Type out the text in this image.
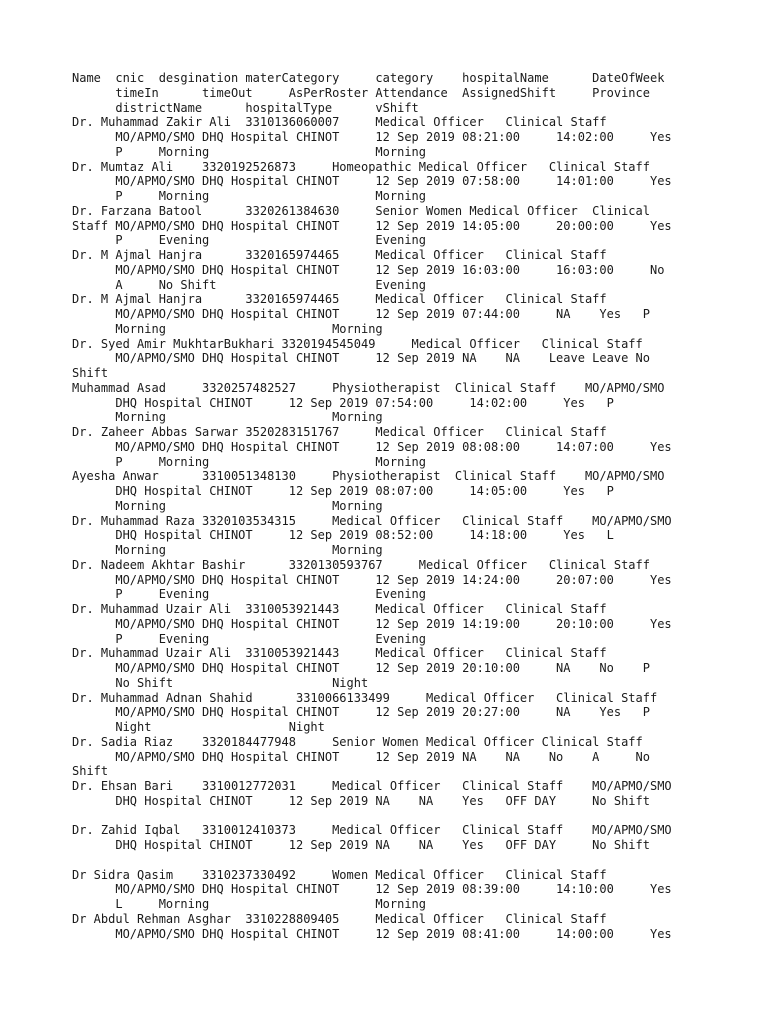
Name  cnic  desgination materCategory     category    hospitalName      DateOfWeek
timeIn      timeOut     AsPerRoster Attendance  AssignedShift     Province
districtName      hospitalType      vShift
Dr. Muhammad Zakir Ali  3310136060007     Medical Officer   Clinical Staff
MO/APMO/SMO DHQ Hospital CHINOT     12 Sep 2019 08:21:00     14:02:00     Yes
P     Morning                       Morning
Dr. Mumtaz Ali    3320192526873     Homeopathic Medical Officer   Clinical Staff
MO/APMO/SMO DHQ Hospital CHINOT     12 Sep 2019 07:58:00     14:01:00     Yes
P     Morning                       Morning
Dr. Farzana Batool      3320261384630     Senior Women Medical Officer  Clinical
Staff MO/APMO/SMO DHQ Hospital CHINOT     12 Sep 2019 14:05:00     20:00:00     Yes
P     Evening                       Evening
Dr. M Ajmal Hanjra      3320165974465     Medical Officer   Clinical Staff
MO/APMO/SMO DHQ Hospital CHINOT     12 Sep 2019 16:03:00     16:03:00     No
A     No Shift                      Evening
Dr. M Ajmal Hanjra      3320165974465     Medical Officer   Clinical Staff
MO/APMO/SMO DHQ Hospital CHINOT     12 Sep 2019 07:44:00     NA    Yes   P
Morning                       Morning
Dr. Syed Amir MukhtarBukhari 3320194545049     Medical Officer   Clinical Staff
MO/APMO/SMO DHQ Hospital CHINOT     12 Sep 2019 NA    NA    Leave Leave No
Shift
Muhammad Asad     3320257482527     Physiotherapist  Clinical Staff    MO/APMO/SMO
DHQ Hospital CHINOT     12 Sep 2019 07:54:00     14:02:00     Yes   P
Morning                       Morning
Dr. Zaheer Abbas Sarwar 3520283151767     Medical Officer   Clinical Staff
MO/APMO/SMO DHQ Hospital CHINOT     12 Sep 2019 08:08:00     14:07:00     Yes
P     Morning                       Morning
Ayesha Anwar      3310051348130     Physiotherapist  Clinical Staff    MO/APMO/SMO
DHQ Hospital CHINOT     12 Sep 2019 08:07:00     14:05:00     Yes   P
Morning                       Morning
Dr. Muhammad Raza 3320103534315     Medical Officer   Clinical Staff    MO/APMO/SMO
DHQ Hospital CHINOT     12 Sep 2019 08:52:00     14:18:00     Yes   L
Morning                       Morning
Dr. Nadeem Akhtar Bashir      3320130593767     Medical Officer   Clinical Staff
MO/APMO/SMO DHQ Hospital CHINOT     12 Sep 2019 14:24:00     20:07:00     Yes
P     Evening                       Evening
Dr. Muhammad Uzair Ali  3310053921443     Medical Officer   Clinical Staff
MO/APMO/SMO DHQ Hospital CHINOT     12 Sep 2019 14:19:00     20:10:00     Yes
P     Evening                       Evening
Dr. Muhammad Uzair Ali  3310053921443     Medical Officer   Clinical Staff
MO/APMO/SMO DHQ Hospital CHINOT     12 Sep 2019 20:10:00     NA    No    P
No Shift                      Night
Dr. Muhammad Adnan Shahid      3310066133499     Medical Officer   Clinical Staff
MO/APMO/SMO DHQ Hospital CHINOT     12 Sep 2019 20:27:00     NA    Yes   P
Night                   Night
Dr. Sadia Riaz    3320184477948     Senior Women Medical Officer Clinical Staff
MO/APMO/SMO DHQ Hospital CHINOT     12 Sep 2019 NA    NA    No    A     No
Shift
Dr. Ehsan Bari    3310012772031     Medical Officer   Clinical Staff    MO/APMO/SMO
DHQ Hospital CHINOT     12 Sep 2019 NA    NA    Yes   OFF DAY     No Shift
Dr. Zahid Iqbal   3310012410373     Medical Officer   Clinical Staff    MO/APMO/SMO
DHQ Hospital CHINOT     12 Sep 2019 NA    NA    Yes   OFF DAY     No Shift
Dr Sidra Qasim    3310237330492     Women Medical Officer   Clinical Staff
MO/APMO/SMO DHQ Hospital CHINOT     12 Sep 2019 08:39:00     14:10:00     Yes
L     Morning                       Morning
Dr Abdul Rehman Asghar  3310228809405     Medical Officer   Clinical Staff
MO/APMO/SMO DHQ Hospital CHINOT     12 Sep 2019 08:41:00     14:00:00     Yes
